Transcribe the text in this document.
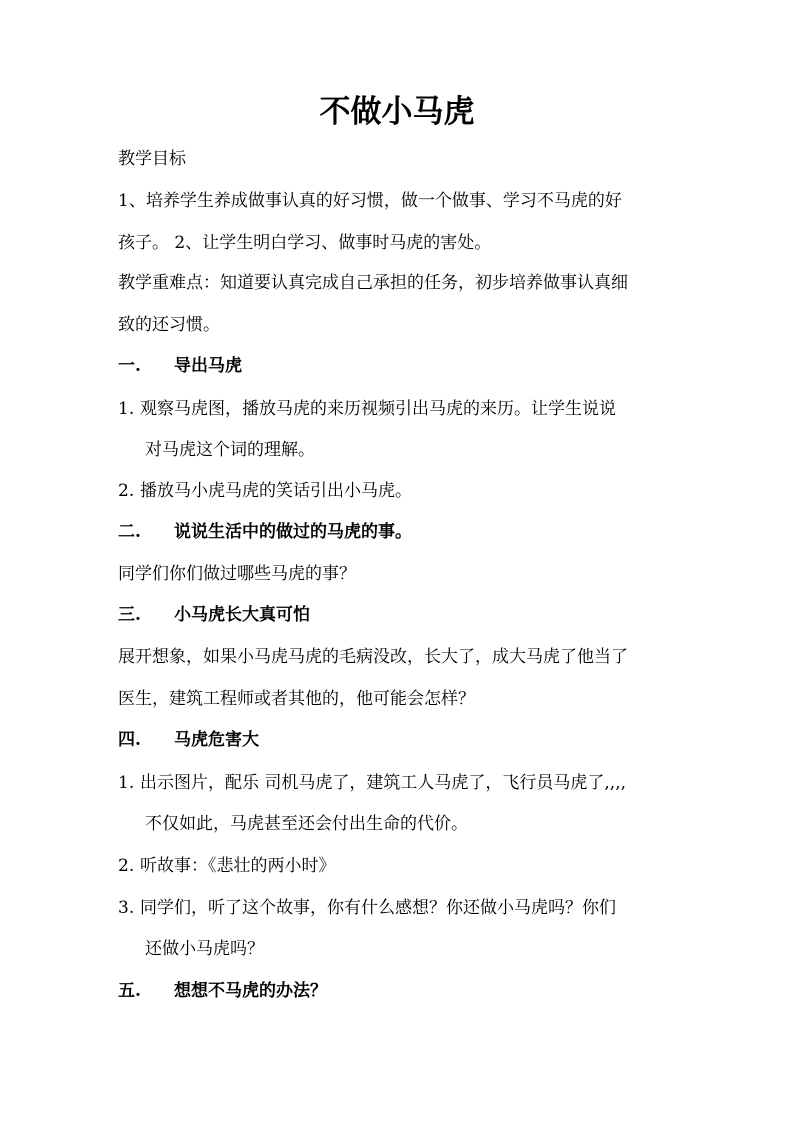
不做小马虎

教学目标

1、培养学生养成做事认真的好习惯，做一个做事、学习不马虎的好

孩子。 2、让学生明白学习、做事时马虎的害处。

教学重难点：知道要认真完成自己承担的任务，初步培养做事认真细

致的还习惯。

一. 导出马虎

1. 观察马虎图，播放马虎的来历视频引出马虎的来历。让学生说说

对马虎这个词的理解。

2. 播放马小虎马虎的笑话引出小马虎。

二. 说说生活中的做过的马虎的事。

同学们你们做过哪些马虎的事？

三. 小马虎长大真可怕

展开想象，如果小马虎马虎的毛病没改，长大了，成大马虎了他当了

医生，建筑工程师或者其他的，他可能会怎样？

四. 马虎危害大

1. 出示图片，配乐 司机马虎了，建筑工人马虎了，飞行员马虎了,,,,

不仅如此，马虎甚至还会付出生命的代价。

2. 听故事：《悲壮的两小时》

3. 同学们，听了这个故事，你有什么感想？你还做小马虎吗？你们

还做小马虎吗？

五. 想想不马虎的办法？
